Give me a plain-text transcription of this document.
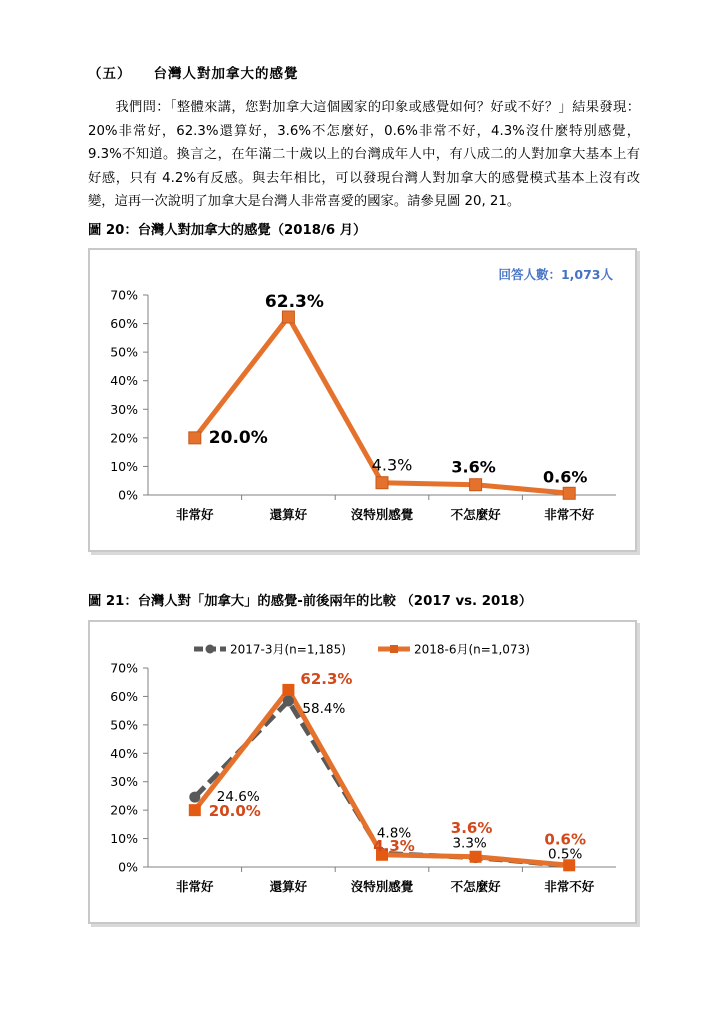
（五） 台灣人對加拿大的感覺
我們問：「整體來講，您對加拿大這個國家的印象或感覺如何？好或不好？」結果發現：20%非常好，62.3%還算好，3.6%不怎麼好，0.6%非常不好，4.3%沒什麼特別感覺，9.3%不知道。換言之，在年滿二十歲以上的台灣成年人中，有八成二的人對加拿大基本上有好感，只有 4.2%有反感。與去年相比，可以發現台灣人對加拿大的感覺模式基本上沒有改變，這再一次說明了加拿大是台灣人非常喜愛的國家。請參見圖 20, 21。
圖 20：台灣人對加拿大的感覺（2018/6 月）
回答人數：1,073人
0%
10%
20%
30%
40%
50%
60%
70%
非常好	還算好	沒特別感覺	不怎麼好	非常不好
20.0%
62.3%
4.3% 3.6%
0.6%
圖 21：台灣人對「加拿大」的感覺-前後兩年的比較 （2017 vs. 2018）
2017-3月(n=1,185)	2018-6月(n=1,073)
0%
10%
20%
30%
40%
50%
60%
70%
非常好	還算好	沒特別感覺	不怎麼好	非常不好
24.6%
58.4%
4.8%
3.3%
0.5%
20.0%
62.3%
4.3%
3.6%
0.6%
